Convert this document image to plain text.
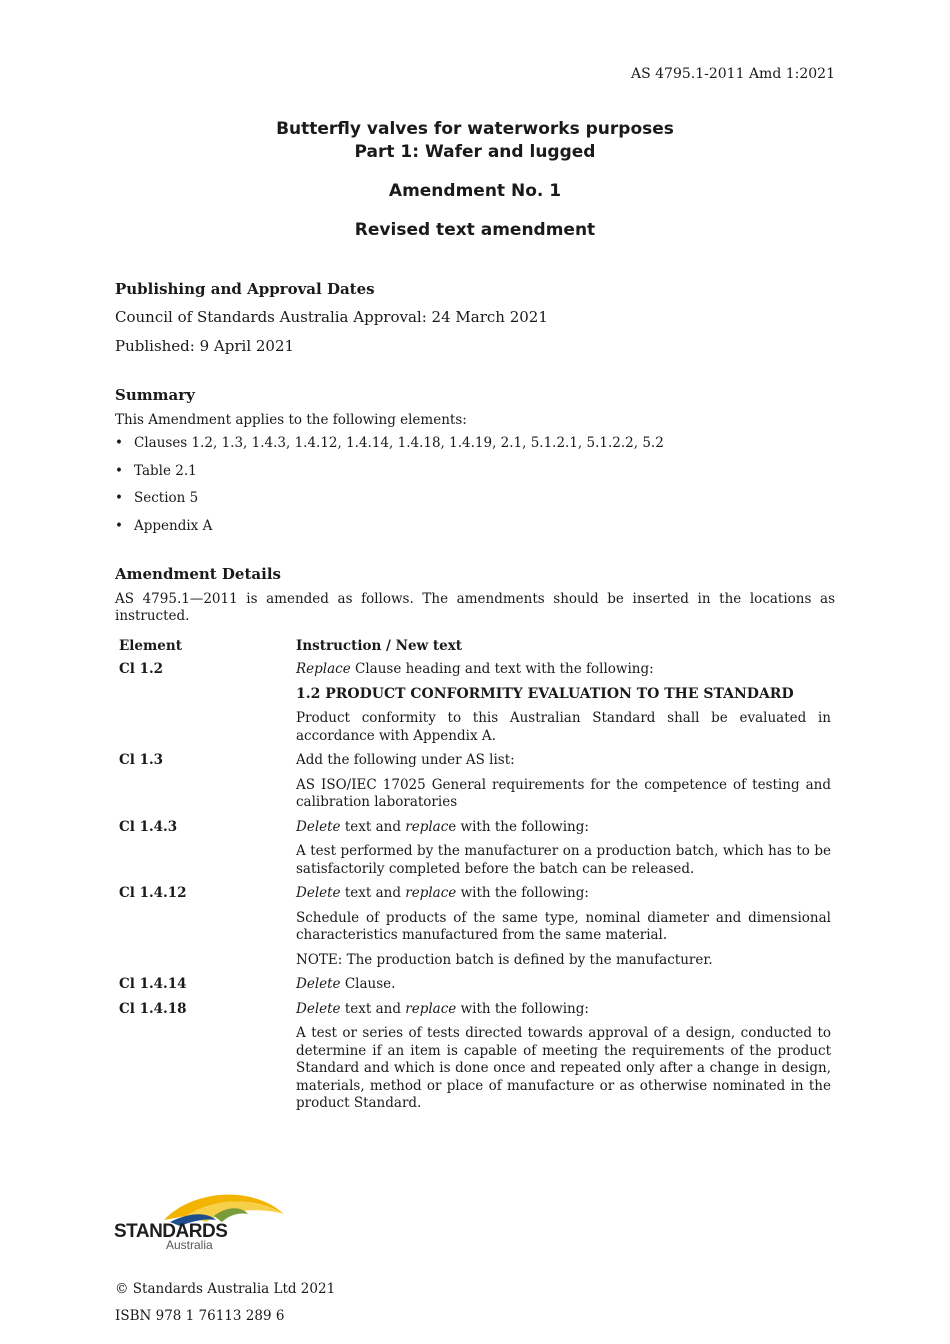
AS 4795.1-2011 Amd 1:2021
Butterfly valves for waterworks purposes
Part 1: Wafer and lugged
Amendment No. 1
Revised text amendment
Publishing and Approval Dates

Council of Standards Australia Approval: 24 March 2021

Published: 9 April 2021

Summary

This Amendment applies to the following elements:

• Clauses 1.2, 1.3, 1.4.3, 1.4.12, 1.4.14, 1.4.18, 1.4.19, 2.1, 5.1.2.1, 5.1.2.2, 5.2
• Table 2.1
• Section 5
• Appendix A
Amendment Details

AS 4795.1—2011 is amended as follows. The amendments should be inserted in the locations as instructed.

Element	Instruction / New text
Cl 1.2	Replace Clause heading and text with the following:

1.2 PRODUCT CONFORMITY EVALUATION TO THE STANDARD

Product conformity to this Australian Standard shall be evaluated in accordance with Appendix A.

Cl 1.3	Add the following under AS list:

AS ISO/IEC 17025 General requirements for the competence of testing and calibration laboratories

Cl 1.4.3	Delete text and replace with the following:

A test performed by the manufacturer on a production batch, which has to be satisfactorily completed before the batch can be released.

Cl 1.4.12	Delete text and replace with the following:

Schedule of products of the same type, nominal diameter and dimensional characteristics manufactured from the same material.

NOTE: The production batch is defined by the manufacturer.

Cl 1.4.14	Delete Clause.

Cl 1.4.18	Delete text and replace with the following:

A test or series of tests directed towards approval of a design, conducted to determine if an item is capable of meeting the requirements of the product Standard and which is done once and repeated only after a change in design, materials, method or place of manufacture or as otherwise nominated in the product Standard.

STANDARDS
Australia
© Standards Australia Ltd 2021
ISBN 978 1 76113 289 6
